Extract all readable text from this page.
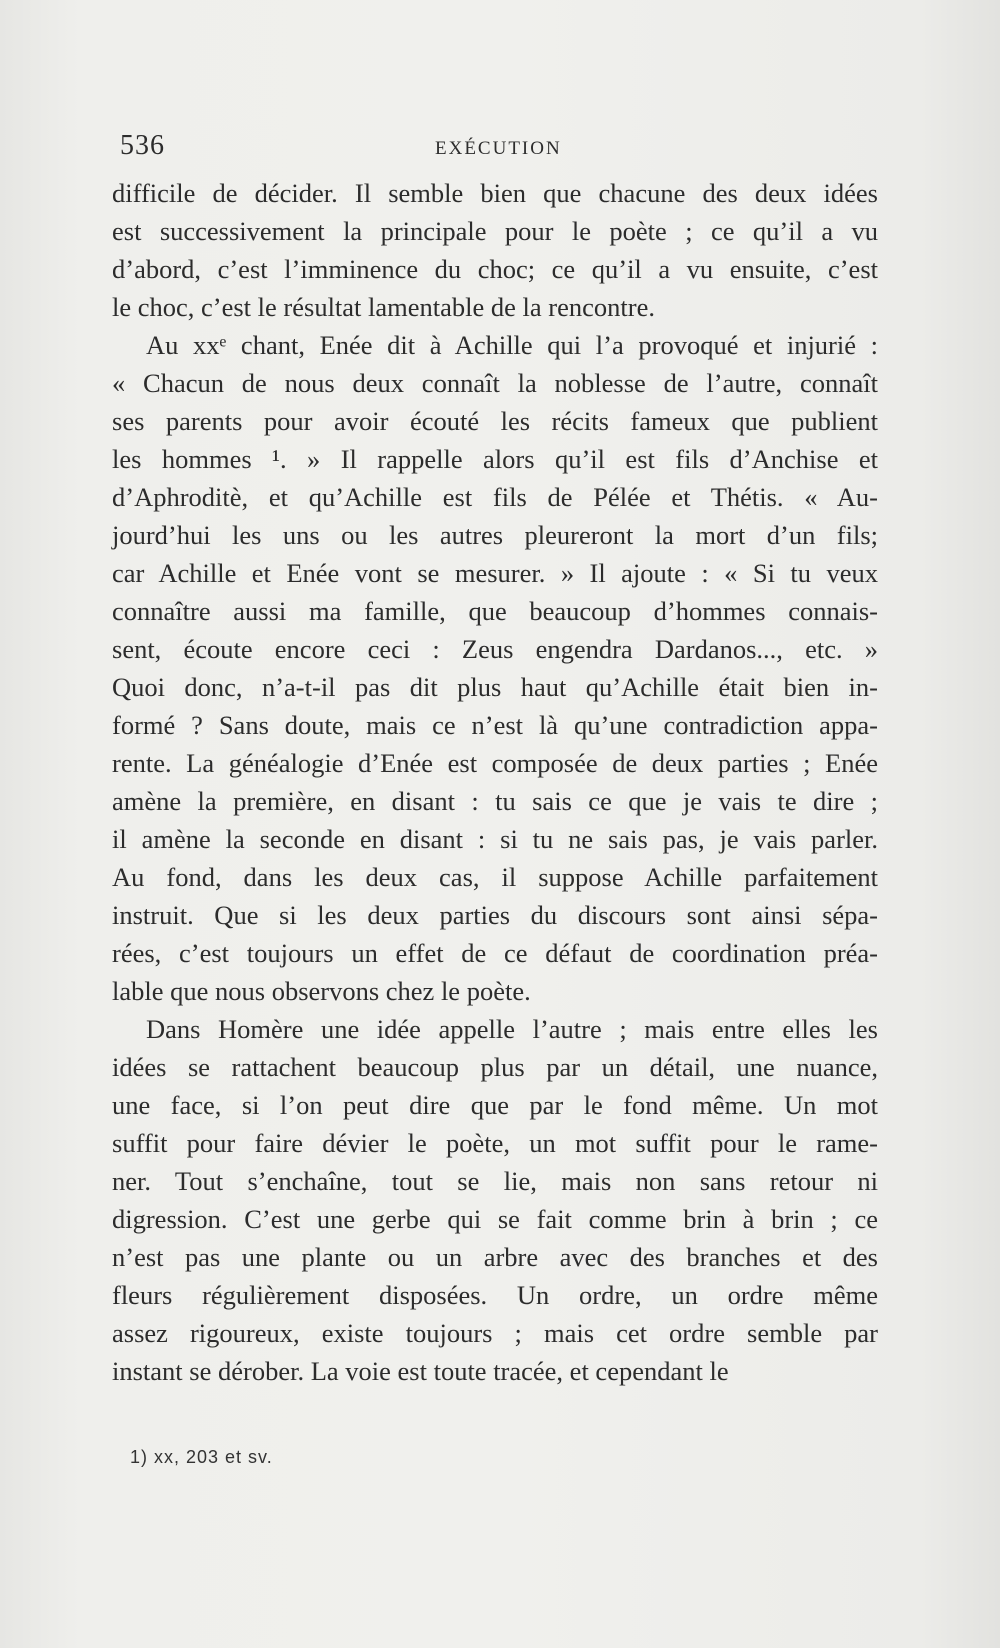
536	EXÉCUTION
difficile de décider. Il semble bien que chacune des deux idées
est successivement la principale pour le poète ; ce qu’il a vu
d’abord, c’est l’imminence du choc; ce qu’il a vu ensuite, c’est
le choc, c’est le résultat lamentable de la rencontre.
Au xxᵉ chant, Enée dit à Achille qui l’a provoqué et injurié :
« Chacun de nous deux connaît la noblesse de l’autre, connaît
ses parents pour avoir écouté les récits fameux que publient
les hommes ¹. » Il rappelle alors qu’il est fils d’Anchise et
d’Aphroditè, et qu’Achille est fils de Pélée et Thétis. « Au-
jourd’hui les uns ou les autres pleureront la mort d’un fils;
car Achille et Enée vont se mesurer. » Il ajoute : « Si tu veux
connaître aussi ma famille, que beaucoup d’hommes connais-
sent, écoute encore ceci : Zeus engendra Dardanos..., etc. »
Quoi donc, n’a-t-il pas dit plus haut qu’Achille était bien in-
formé ? Sans doute, mais ce n’est là qu’une contradiction appa-
rente. La généalogie d’Enée est composée de deux parties ; Enée
amène la première, en disant : tu sais ce que je vais te dire ;
il amène la seconde en disant : si tu ne sais pas, je vais parler.
Au fond, dans les deux cas, il suppose Achille parfaitement
instruit. Que si les deux parties du discours sont ainsi sépa-
rées, c’est toujours un effet de ce défaut de coordination préa-
lable que nous observons chez le poète.
Dans Homère une idée appelle l’autre ; mais entre elles les
idées se rattachent beaucoup plus par un détail, une nuance,
une face, si l’on peut dire que par le fond même. Un mot
suffit pour faire dévier le poète, un mot suffit pour le rame-
ner. Tout s’enchaîne, tout se lie, mais non sans retour ni
digression. C’est une gerbe qui se fait comme brin à brin ; ce
n’est pas une plante ou un arbre avec des branches et des
fleurs régulièrement disposées. Un ordre, un ordre même
assez rigoureux, existe toujours ; mais cet ordre semble par
instant se dérober. La voie est toute tracée, et cependant le
1) xx, 203 et sv.
